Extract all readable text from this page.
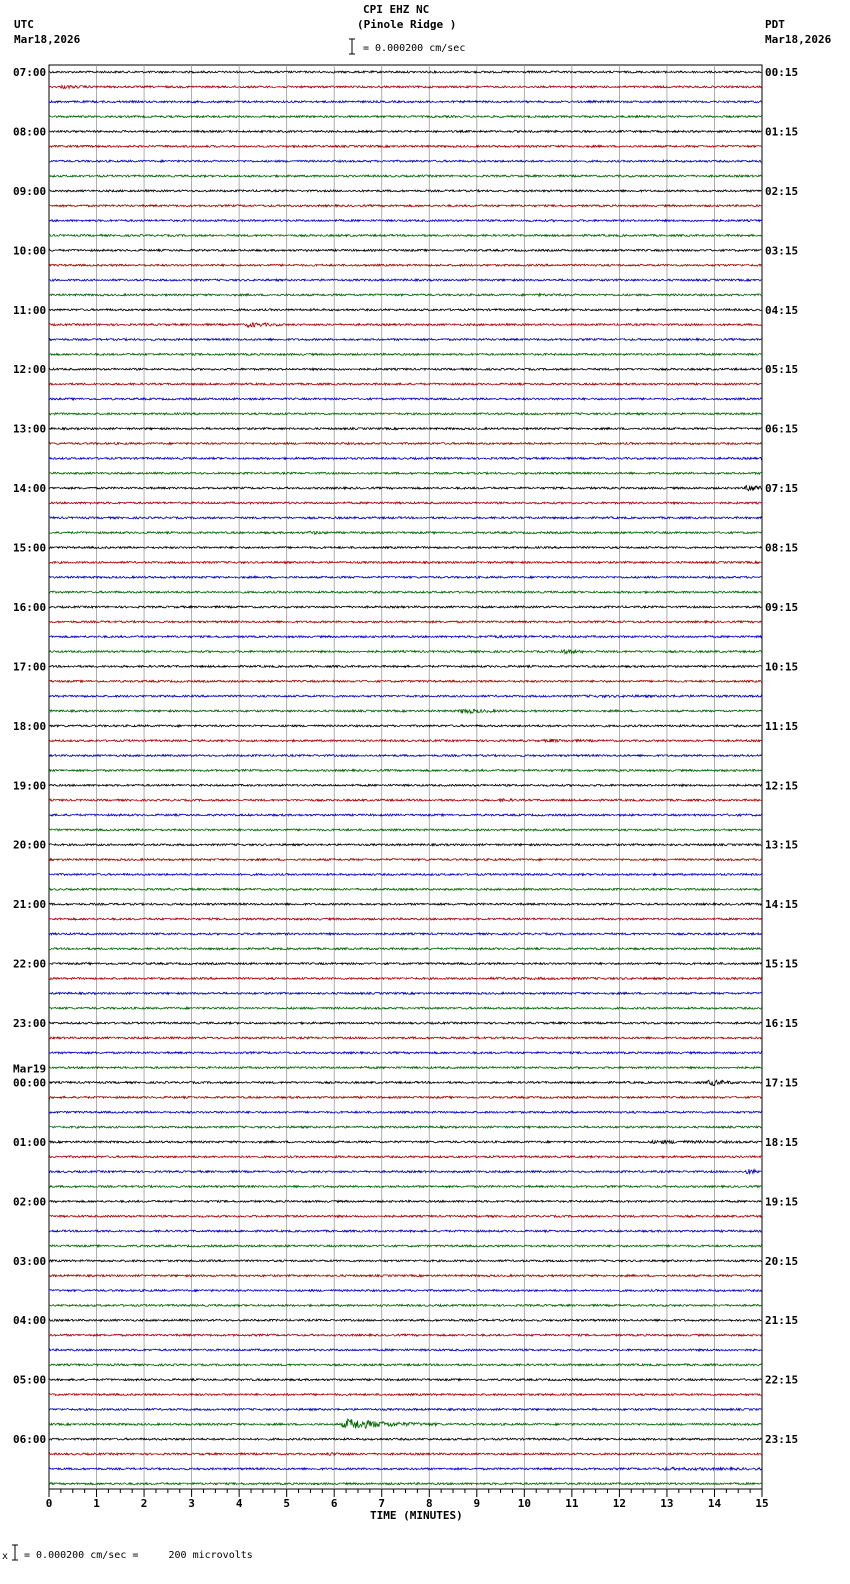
CPI EHZ NC
(Pinole Ridge )
UTC
Mar18,2026
PDT
Mar18,2026
= 0.000200 cm/sec
0	1	2	3	4	5	6	7	8	9	10	11	12	13	14	15
07:00	00:15
08:00	01:15
09:00	02:15
10:00	03:15
11:00	04:15
12:00	05:15
13:00	06:15
14:00	07:15
15:00	08:15
16:00	09:15
17:00	10:15
18:00	11:15
19:00	12:15
20:00	13:15
21:00	14:15
22:00	15:15
23:00	16:15
00:00	17:15
Mar19
01:00	18:15
02:00	19:15
03:00	20:15
04:00	21:15
05:00	22:15
06:00	23:15
TIME (MINUTES)
x = 0.000200 cm/sec =     200 microvolts
